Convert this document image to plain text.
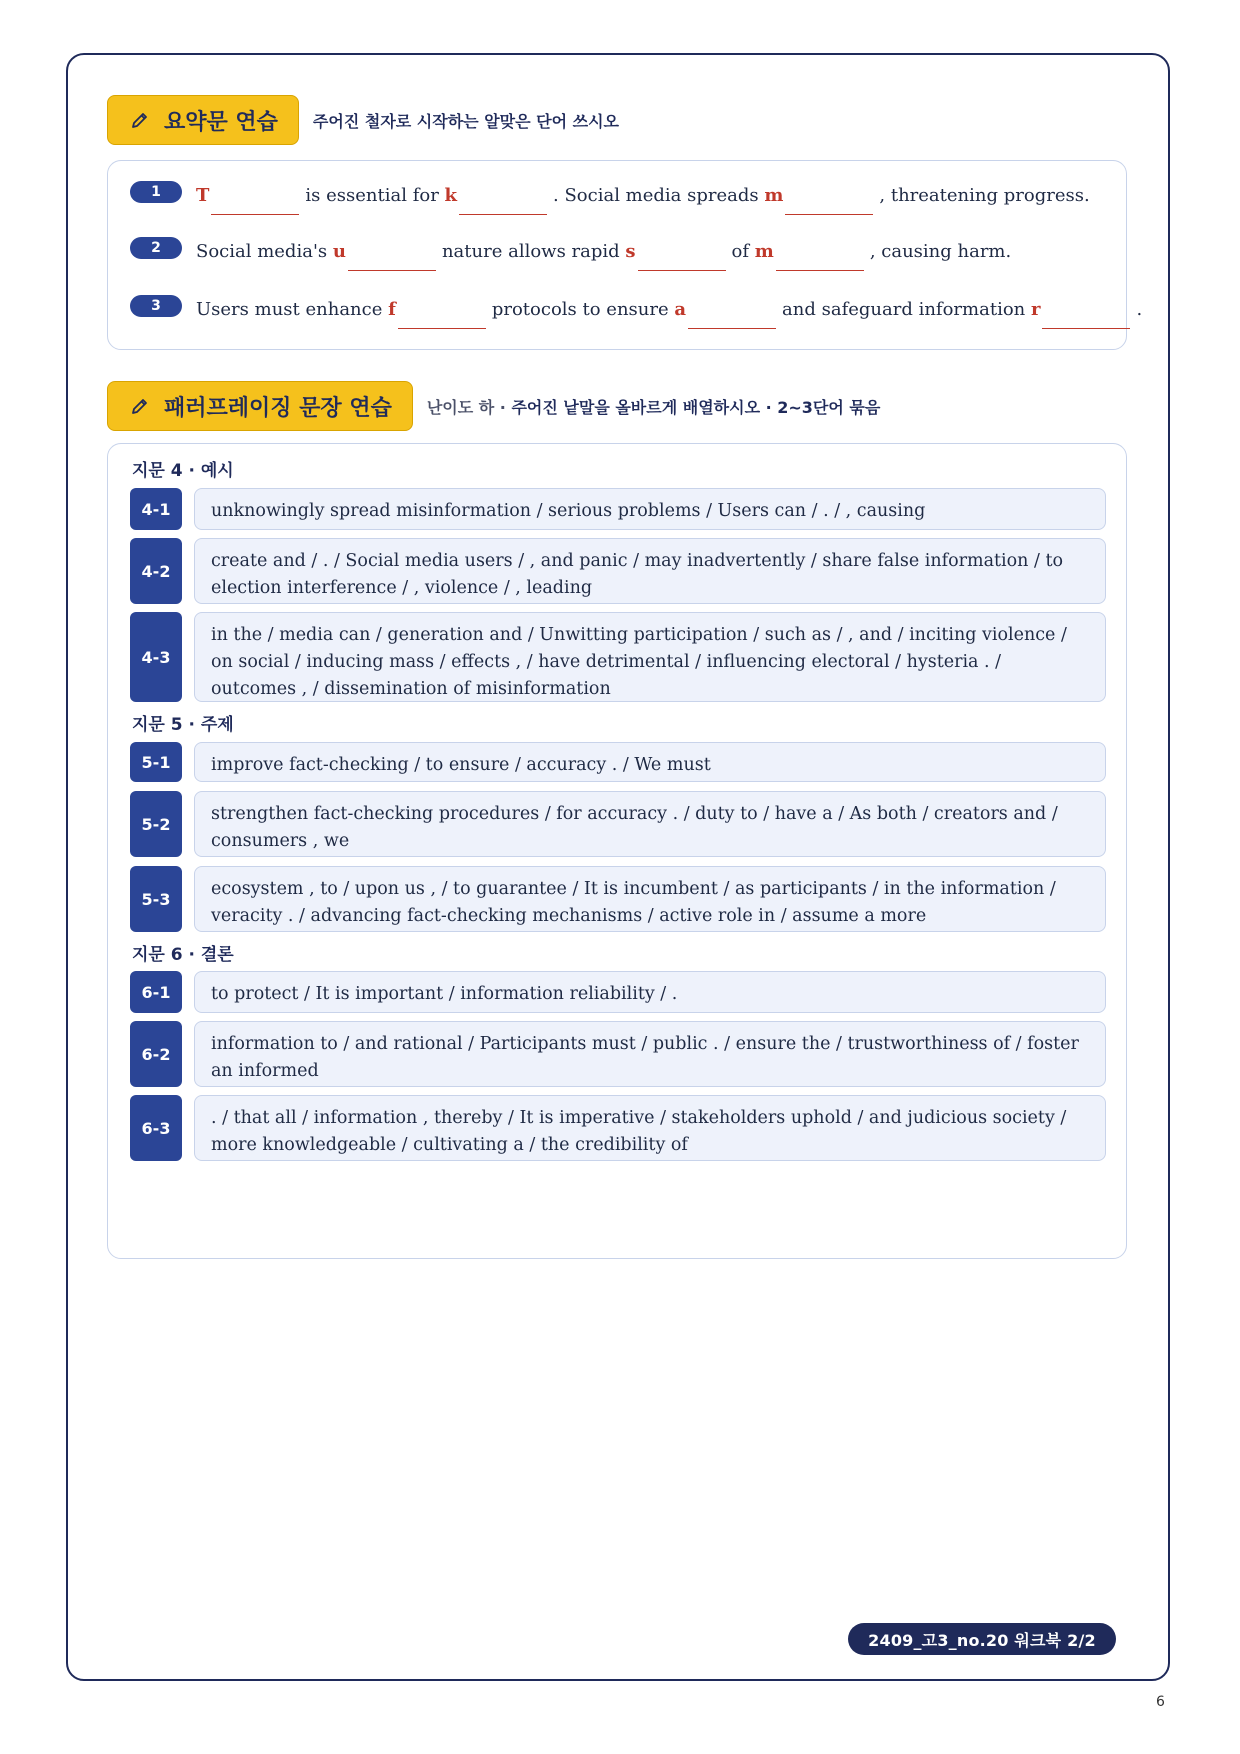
요약문 연습 주어진 철자로 시작하는 알맞은 단어 쓰시오
1	T	is essential for k	. Social media spreads m	, threatening progress.
2	Social media's u	nature allows rapid s	of m	, causing harm.
3	Users must enhance f	protocols to ensure a	and safeguard information r	.
패러프레이징 문장 연습 난이도 하 · 주어진 낱말을 올바르게 배열하시오 · 2~3단어 묶음
지문 4 · 예시
4-1	unknowingly spread misinformation / serious problems / Users can / . / , causing
4-2	create and / . / Social media users / , and panic / may inadvertently / share false information / to election interference / , violence / , leading
4-3
in the / media can / generation and / Unwitting participation / such as / , and / inciting violence / on social / inducing mass / effects , / have detrimental / influencing electoral / hysteria . / outcomes , / dissemination of misinformation
지문 5 · 주제
5-1	improve fact-checking / to ensure / accuracy . / We must
5-2	strengthen fact-checking procedures / for accuracy . / duty to / have a / As both / creators and / consumers , we
5-3	ecosystem , to / upon us , / to guarantee / It is incumbent / as participants / in the information / veracity . / advancing fact-checking mechanisms / active role in / assume a more
지문 6 · 결론
6-1	to protect / It is important / information reliability / .
6-2	information to / and rational / Participants must / public . / ensure the / trustworthiness of / foster an informed
6-3	. / that all / information , thereby / It is imperative / stakeholders uphold / and judicious society / more knowledgeable / cultivating a / the credibility of
2409_고3_no.20 워크북 2/2
6
